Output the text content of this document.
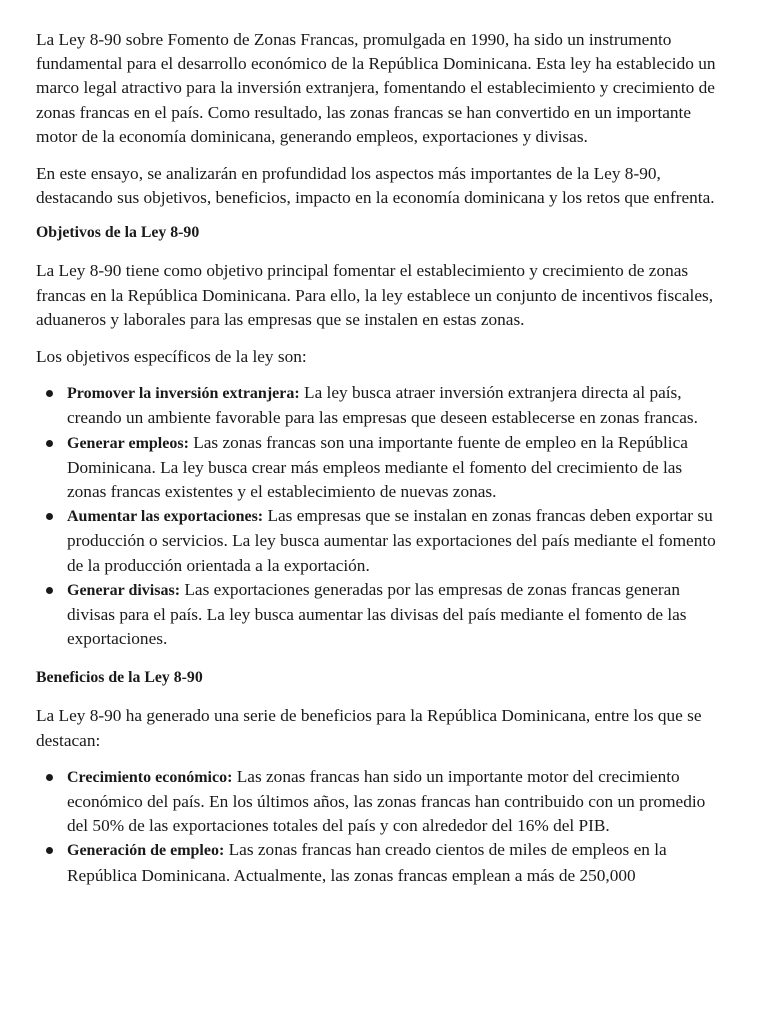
La Ley 8-90 sobre Fomento de Zonas Francas, promulgada en 1990, ha sido un instrumento fundamental para el desarrollo económico de la República Dominicana. Esta ley ha establecido un marco legal atractivo para la inversión extranjera, fomentando el establecimiento y crecimiento de zonas francas en el país. Como resultado, las zonas francas se han convertido en un importante motor de la economía dominicana, generando empleos, exportaciones y divisas.

En este ensayo, se analizarán en profundidad los aspectos más importantes de la Ley 8-90, destacando sus objetivos, beneficios, impacto en la economía dominicana y los retos que enfrenta.

Objetivos de la Ley 8-90

La Ley 8-90 tiene como objetivo principal fomentar el establecimiento y crecimiento de zonas francas en la República Dominicana. Para ello, la ley establece un conjunto de incentivos fiscales, aduaneros y laborales para las empresas que se instalen en estas zonas.

Los objetivos específicos de la ley son:

Promover la inversión extranjera: La ley busca atraer inversión extranjera directa al país, creando un ambiente favorable para las empresas que deseen establecerse en zonas francas.
Generar empleos: Las zonas francas son una importante fuente de empleo en la República Dominicana. La ley busca crear más empleos mediante el fomento del crecimiento de las zonas francas existentes y el establecimiento de nuevas zonas.
Aumentar las exportaciones: Las empresas que se instalan en zonas francas deben exportar su producción o servicios. La ley busca aumentar las exportaciones del país mediante el fomento de la producción orientada a la exportación.
Generar divisas: Las exportaciones generadas por las empresas de zonas francas generan divisas para el país. La ley busca aumentar las divisas del país mediante el fomento de las exportaciones.
Beneficios de la Ley 8-90

La Ley 8-90 ha generado una serie de beneficios para la República Dominicana, entre los que se destacan:

Crecimiento económico: Las zonas francas han sido un importante motor del crecimiento económico del país. En los últimos años, las zonas francas han contribuido con un promedio del 50% de las exportaciones totales del país y con alrededor del 16% del PIB.
Generación de empleo: Las zonas francas han creado cientos de miles de empleos en la República Dominicana. Actualmente, las zonas francas emplean a más de 250,000
